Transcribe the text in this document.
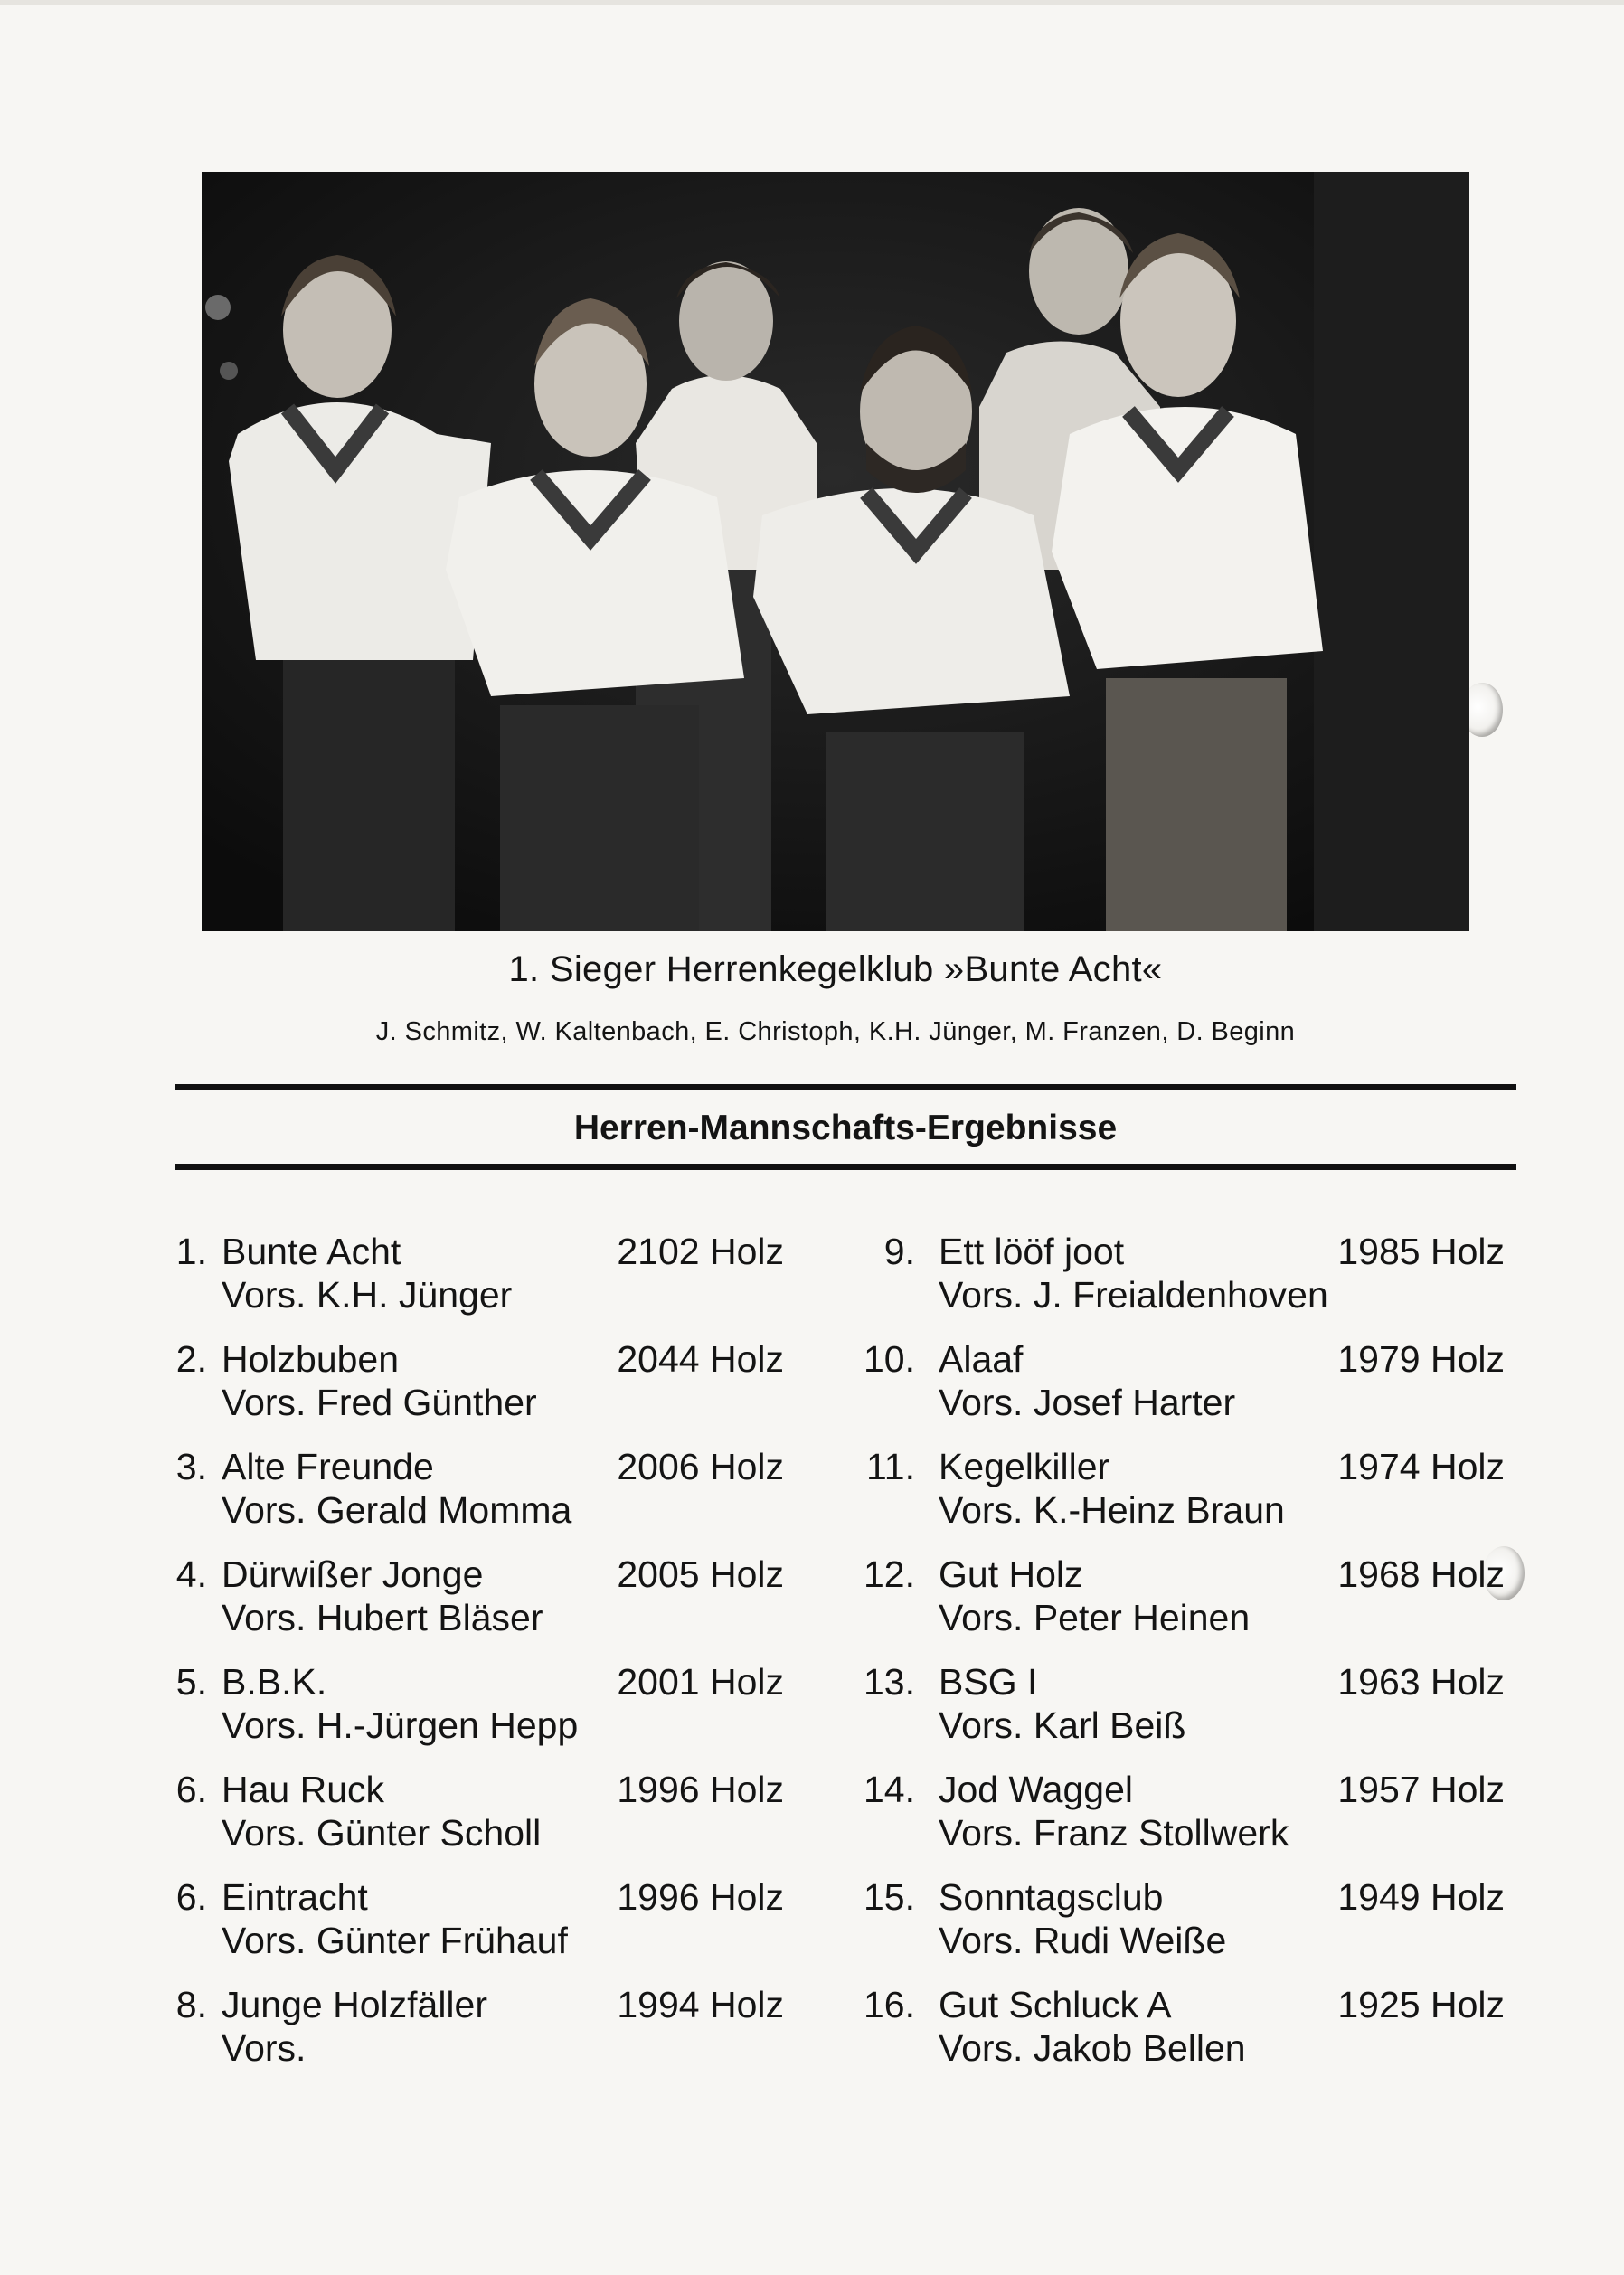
1. Sieger Herrenkegelklub »Bunte Acht«
J. Schmitz, W. Kaltenbach, E. Christoph, K.H. Jünger, M. Franzen, D. Beginn
Herren-Mannschafts-Ergebnisse
1. Bunte Acht	2102 Holz
Vors. K.H. Jünger
2. Holzbuben	2044 Holz
Vors. Fred Günther
3. Alte Freunde	2006 Holz
Vors. Gerald Momma
4. Dürwißer Jonge	2005 Holz
Vors. Hubert Bläser
5. B.B.K.	2001 Holz
Vors. H.-Jürgen Hepp
6. Hau Ruck	1996 Holz
Vors. Günter Scholl
6. Eintracht	1996 Holz
Vors. Günter Frühauf
8. Junge Holzfäller	1994 Holz
Vors.
9. Ett lööf joot	1985 Holz
Vors. J. Freialdenhoven
10. Alaaf	1979 Holz
Vors. Josef Harter
11. Kegelkiller	1974 Holz
Vors. K.-Heinz Braun
12. Gut Holz	1968 Holz
Vors. Peter Heinen
13. BSG I	1963 Holz
Vors. Karl Beiß
14. Jod Waggel	1957 Holz
Vors. Franz Stollwerk
15. Sonntagsclub	1949 Holz
Vors. Rudi Weiße
16. Gut Schluck A	1925 Holz
Vors. Jakob Bellen
